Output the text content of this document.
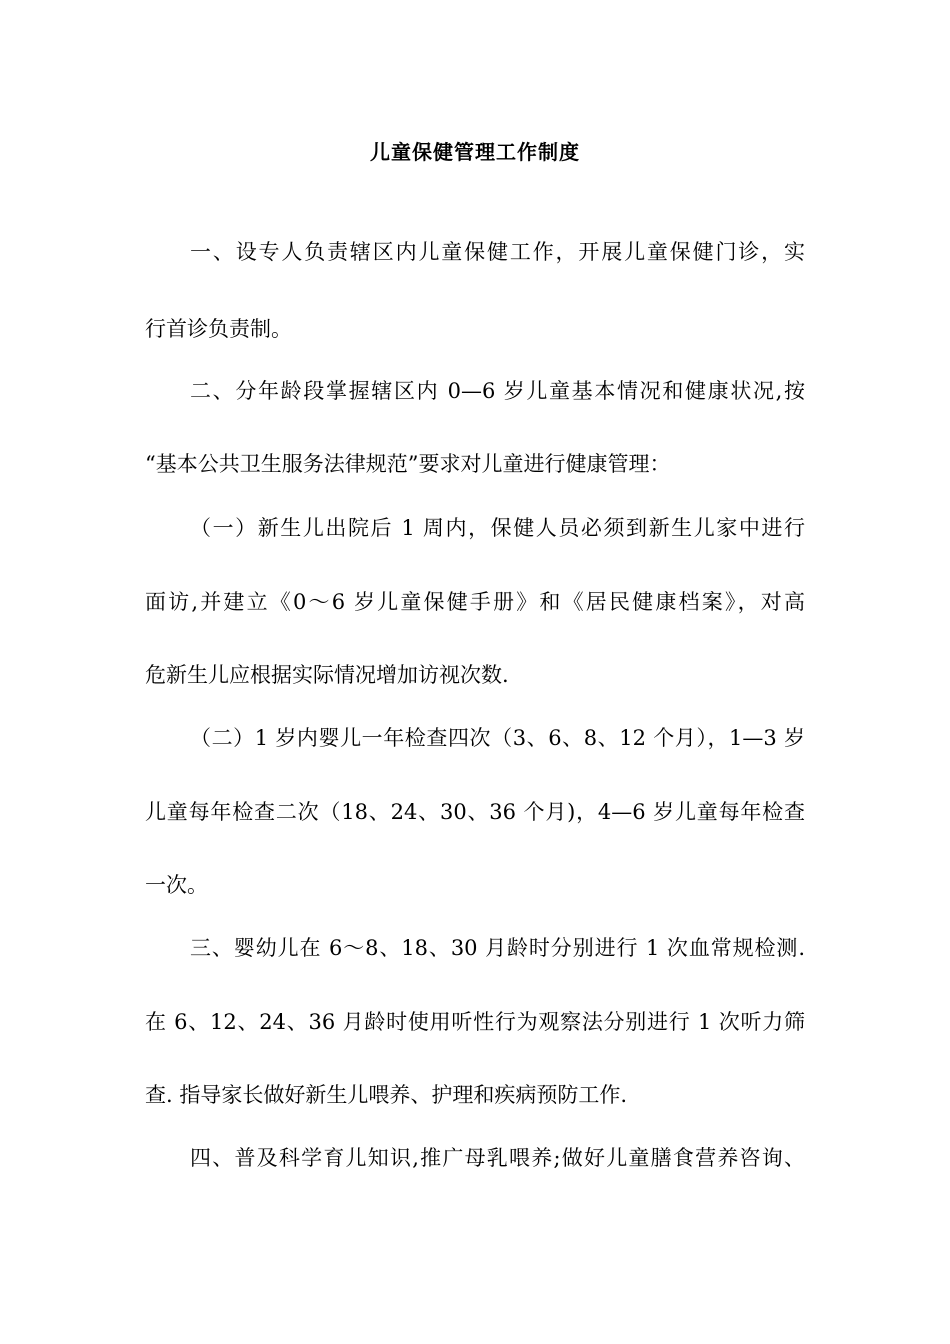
儿童保健管理工作制度
一、设专人负责辖区内儿童保健工作，开展儿童保健门诊，实
行首诊负责制。
二、分年龄段掌握辖区内 0—6 岁儿童基本情况和健康状况,按
“基本公共卫生服务法律规范”要求对儿童进行健康管理：
（一）新生儿出院后 1 周内，保健人员必须到新生儿家中进行
面访,并建立《0～6 岁儿童保健手册》和《居民健康档案》，对高
危新生儿应根据实际情况增加访视次数.
（二）1 岁内婴儿一年检查四次（3、6、8、12 个月），1—3 岁
儿童每年检查二次（18、24、30、36 个月)，4—6 岁儿童每年检查
一次。
三、婴幼儿在 6～8、18、30 月龄时分别进行 1 次血常规检测.
在 6、12、24、36 月龄时使用听性行为观察法分别进行 1 次听力筛
查. 指导家长做好新生儿喂养、护理和疾病预防工作.
四、普及科学育儿知识,推广母乳喂养;做好儿童膳食营养咨询、
